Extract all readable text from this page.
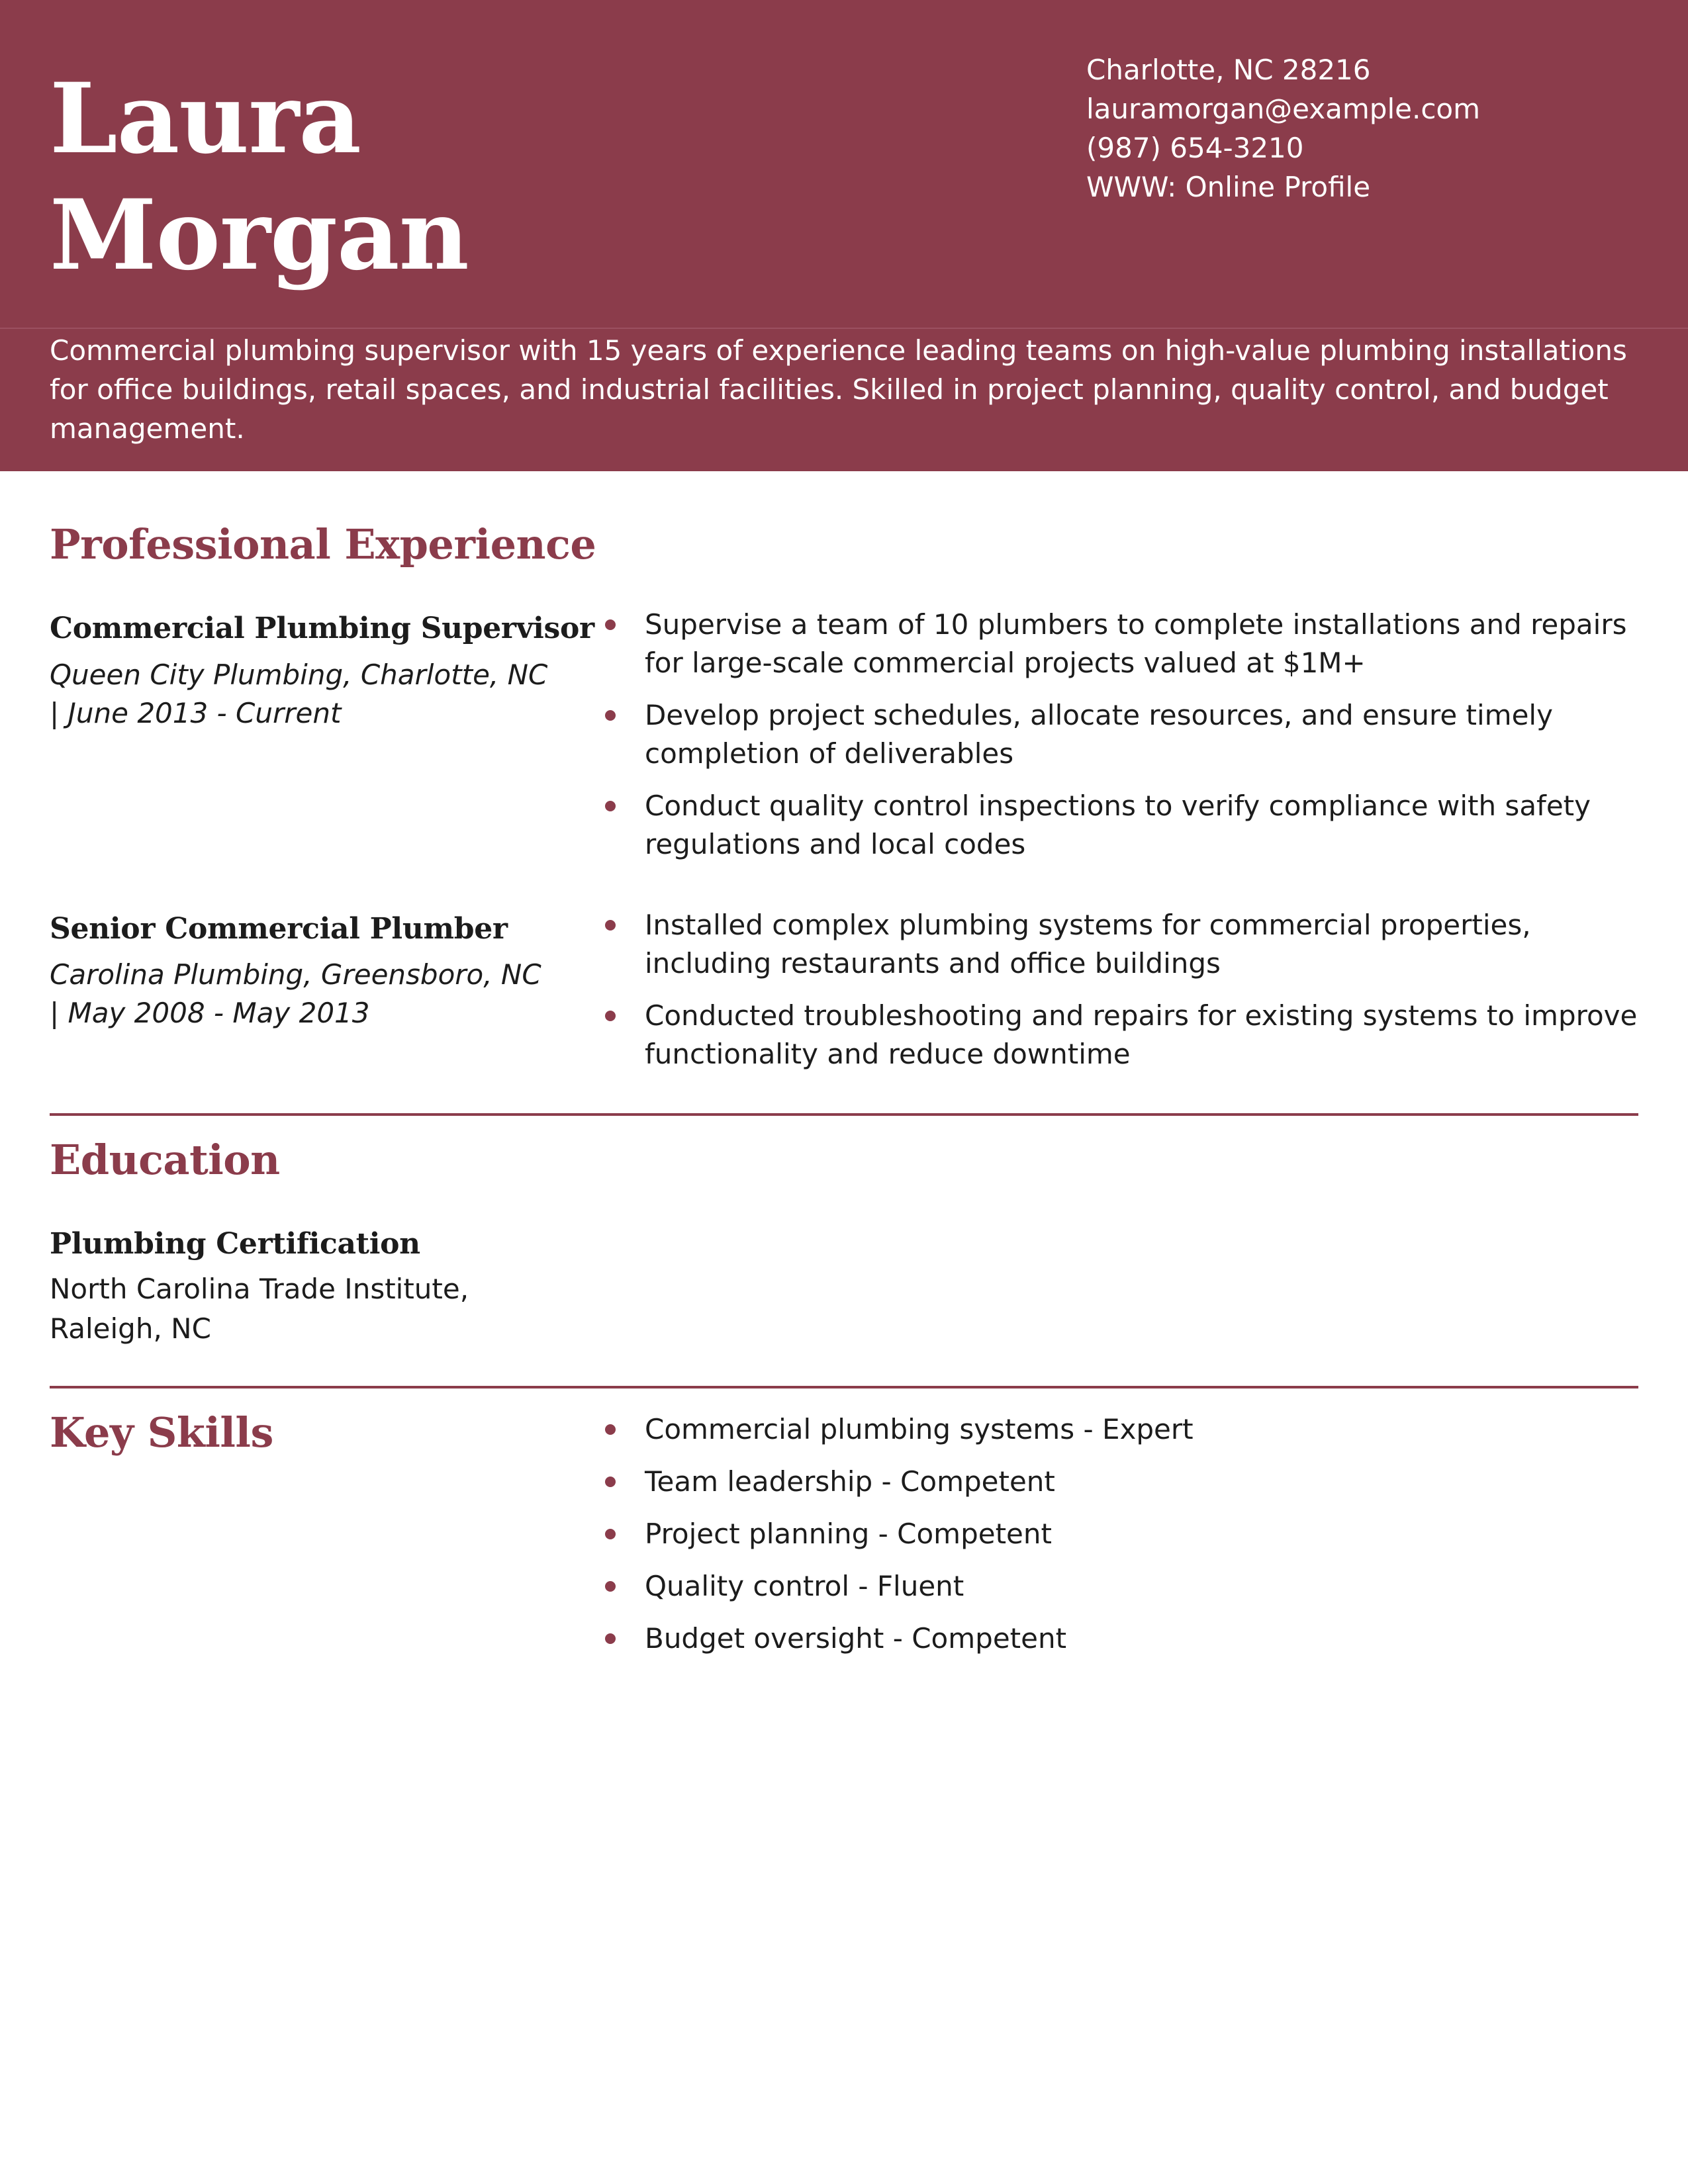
Laura
Morgan
Charlotte, NC 28216
lauramorgan@example.com
(987) 654-3210
WWW: Online Profile

Commercial plumbing supervisor with 15 years of experience leading teams on high-value plumbing installations for office buildings, retail spaces, and industrial facilities. Skilled in project planning, quality control, and budget management.

Professional Experience
Commercial Plumbing Supervisor
Queen City Plumbing, Charlotte, NC
| June 2013 - Current
Supervise a team of 10 plumbers to complete installations and repairs for large-scale commercial projects valued at $1M+
Develop project schedules, allocate resources, and ensure timely completion of deliverables
Conduct quality control inspections to verify compliance with safety regulations and local codes
Senior Commercial Plumber
Carolina Plumbing, Greensboro, NC
| May 2008 - May 2013
Installed complex plumbing systems for commercial properties, including restaurants and office buildings
Conducted troubleshooting and repairs for existing systems to improve functionality and reduce downtime
Education
Plumbing Certification
North Carolina Trade Institute,
Raleigh, NC
Key Skills	Commercial plumbing systems - Expert
Team leadership - Competent
Project planning - Competent
Quality control - Fluent
Budget oversight - Competent
